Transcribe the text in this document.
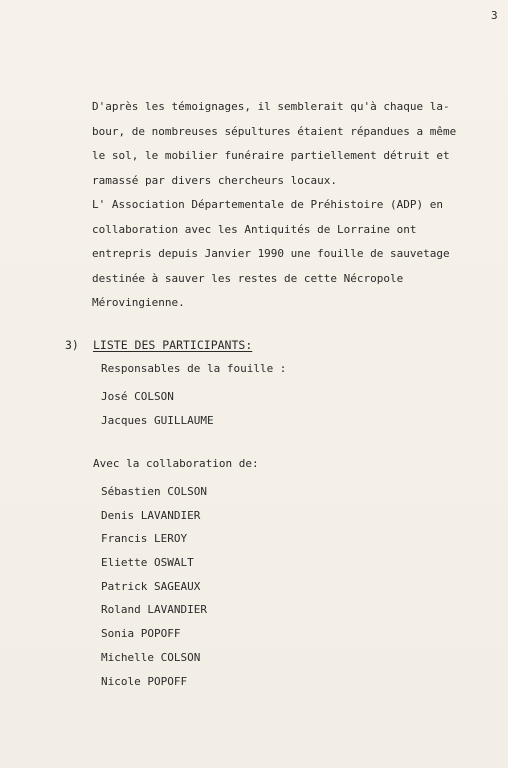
3
D'après les témoignages, il semblerait qu'à chaque la-
bour, de nombreuses sépultures étaient répandues a même
le sol, le mobilier funéraire partiellement détruit et
ramassé par divers chercheurs locaux.
L' Association Départementale de Préhistoire (ADP) en
collaboration avec les Antiquités de Lorraine ont
entrepris depuis Janvier 1990 une fouille de sauvetage
destinée à sauver les restes de cette Nécropole
Mérovingienne.
3) LISTE DES PARTICIPANTS:
Responsables de la fouille :
José COLSON
Jacques GUILLAUME
Avec la collaboration de:
Sébastien COLSON
Denis LAVANDIER
Francis LEROY
Eliette OSWALT
Patrick SAGEAUX
Roland LAVANDIER
Sonia POPOFF
Michelle COLSON
Nicole POPOFF
